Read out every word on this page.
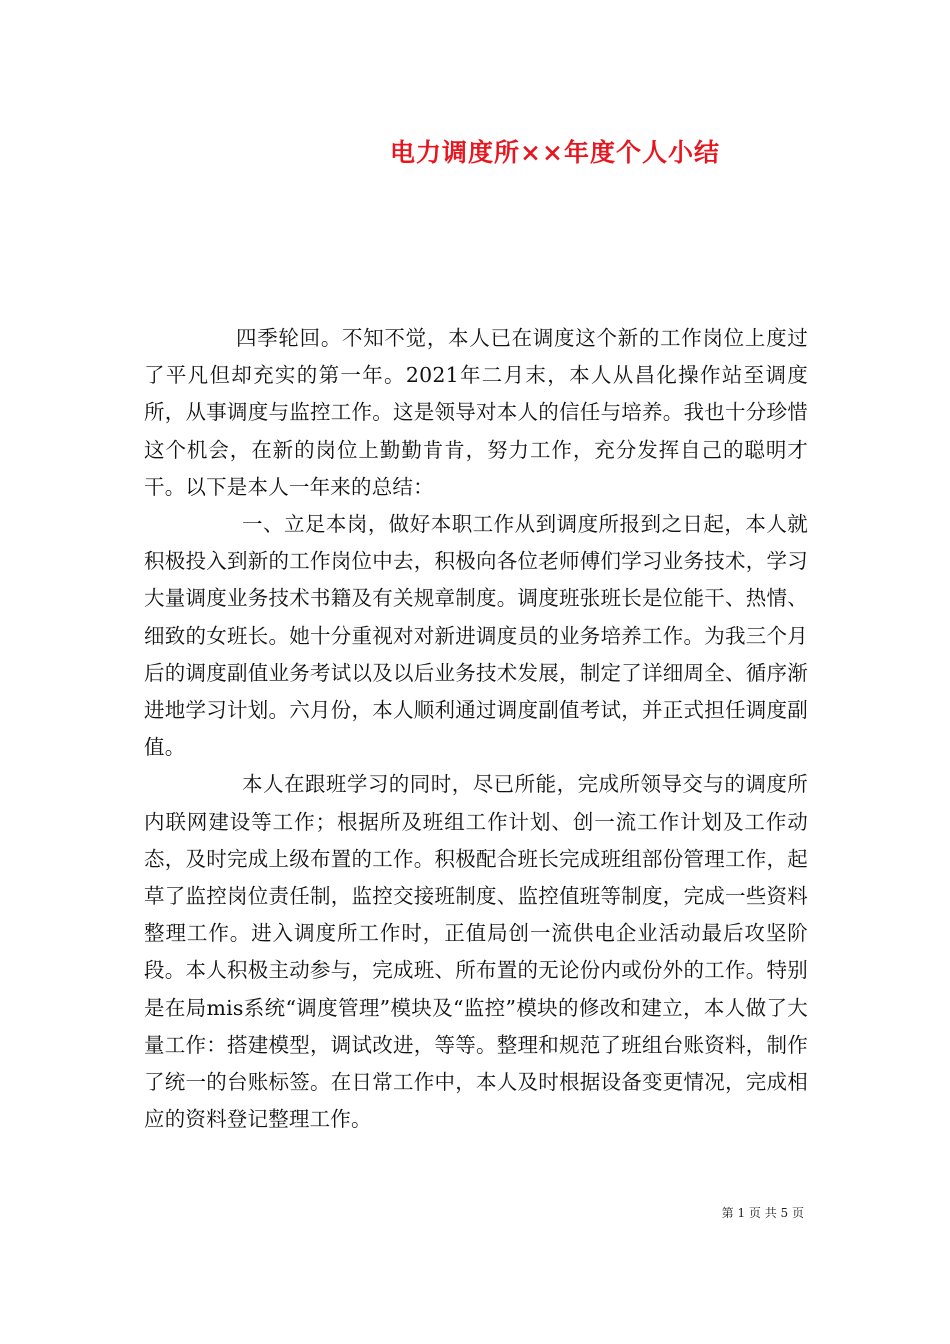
电力调度所××年度个人小结

四季轮回。不知不觉，本人已在调度这个新的工作岗位上度过了平凡但却充实的第一年。2021年二月末，本人从昌化操作站至调度所，从事调度与监控工作。这是领导对本人的信任与培养。我也十分珍惜这个机会，在新的岗位上勤勤肯肯，努力工作，充分发挥自己的聪明才干。以下是本人一年来的总结：

一、立足本岗，做好本职工作从到调度所报到之日起，本人就积极投入到新的工作岗位中去，积极向各位老师傅们学习业务技术，学习大量调度业务技术书籍及有关规章制度。调度班张班长是位能干、热情、细致的女班长。她十分重视对对新进调度员的业务培养工作。为我三个月后的调度副值业务考试以及以后业务技术发展，制定了详细周全、循序渐进地学习计划。六月份，本人顺利通过调度副值考试，并正式担任调度副值。

本人在跟班学习的同时，尽已所能，完成所领导交与的调度所内联网建设等工作；根据所及班组工作计划、创一流工作计划及工作动态，及时完成上级布置的工作。积极配合班长完成班组部份管理工作，起草了监控岗位责任制，监控交接班制度、监控值班等制度，完成一些资料整理工作。进入调度所工作时，正值局创一流供电企业活动最后攻坚阶段。本人积极主动参与，完成班、所布置的无论份内或份外的工作。特别是在局mis系统“调度管理”模块及“监控”模块的修改和建立，本人做了大量工作：搭建模型，调试改进，等等。整理和规范了班组台账资料，制作了统一的台账标签。在日常工作中，本人及时根据设备变更情况，完成相应的资料登记整理工作。

第 1 页 共 5 页
